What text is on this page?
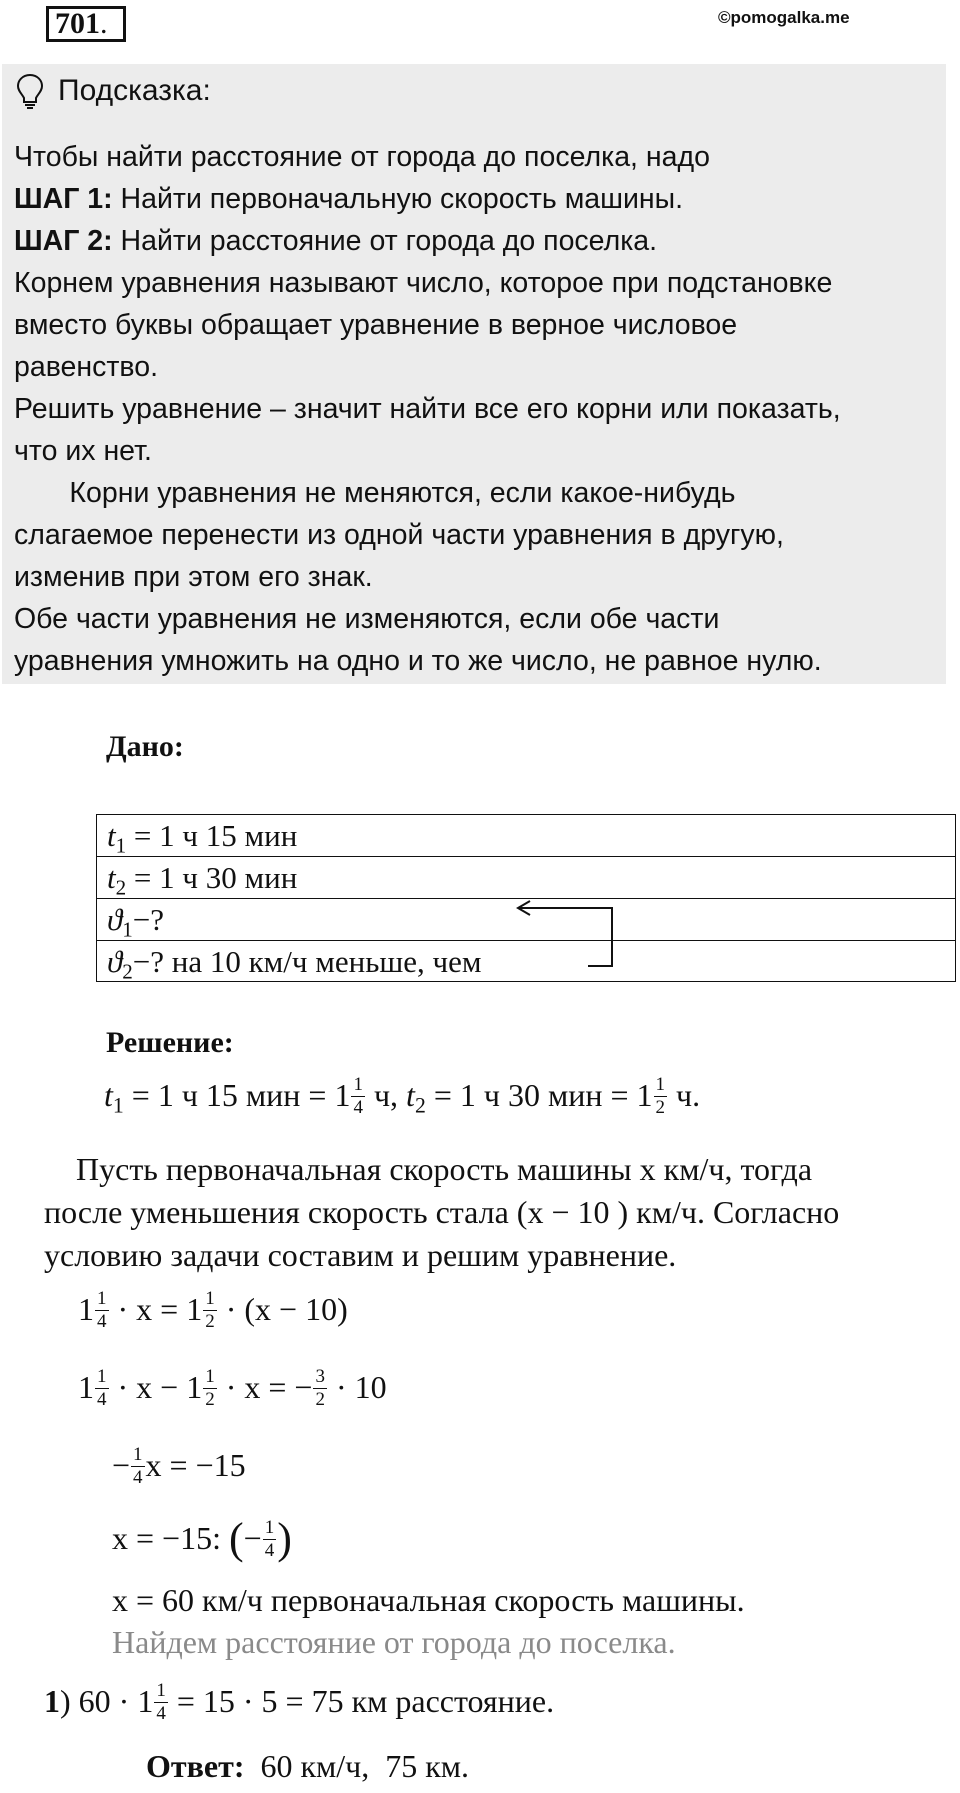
701.	©pomogalka.me
Подсказка:
Чтобы найти расстояние от города до поселка, надо
ШАГ 1: Найти первоначальную скорость машины.
ШАГ 2: Найти расстояние от города до поселка.
Корнем уравнения называют число, которое при подстановке
вместо буквы обращает уравнение в верное числовое
равенство.
Решить уравнение – значит найти все его корни или показать,
что их нет.
Корни уравнения не меняются, если какое-нибудь
слагаемое перенести из одной части уравнения в другую,
изменив при этом его знак.
Обе части уравнения не изменяются, если обе части
уравнения умножить на одно и то же число, не равное нулю.
Дано:
$t_1 = 1$ ч 15 мин
$t_2 = 1$ ч 30 мин
$ϑ_1-$?
$ϑ_2-$? на 10 км/ч меньше, чем
Решение:
$t_1 = 1$ ч 15 мин = $1 \frac{1}{4} ч$, $t_2 = 1$ ч 30 мин = $1 \frac{1}{2} ч$.
Пусть первоначальная скорость машины х км/ч, тогда
после уменьшения скорость стала (х − 10 ) км/ч. Согласно
условию задачи составим и решим уравнение.
$1 \frac{1}{4} \cdot х = 1 \frac{1}{2} \cdot (х - 10)$
$1 \frac{1}{4} \cdot х - 1 \frac{1}{2} \cdot х$ = − $\frac{3}{2} \cdot 10$
− $\frac{1}{4}$ х = −15
х = −15: (− $\frac{1}{4}$ )
х = 60 км/ч первоначальная скорость машины.
Найдем расстояние от города до поселка.
1) $60 \cdot 1 \frac{1}{4} = 15 \cdot 5 = 75$ км расстояние.
Ответ:  60 км/ч,  75 км.
